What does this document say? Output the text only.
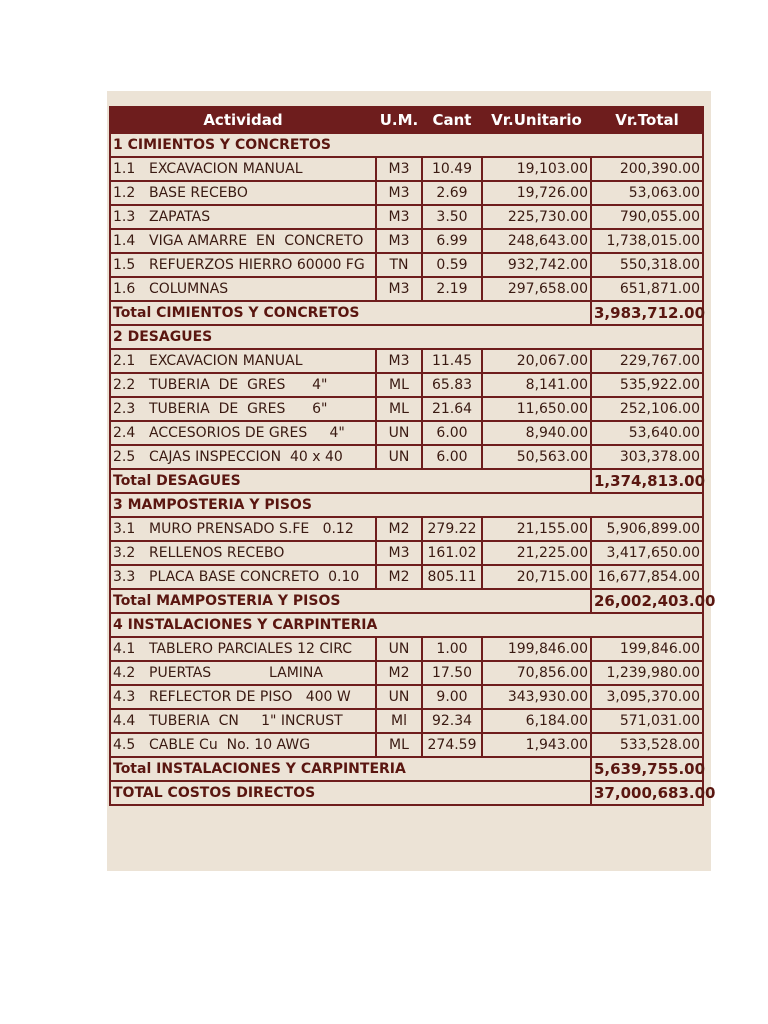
Actividad	U.M.	Cant	Vr.Unitario	Vr.Total
1 CIMIENTOS Y CONCRETOS				
1.1 EXCAVACION MANUAL	M3	10.49	19,103.00	200,390.00
1.2 BASE RECEBO	M3	2.69	19,726.00	53,063.00
1.3 ZAPATAS	M3	3.50	225,730.00	790,055.00
1.4 VIGA AMARRE  EN  CONCRETO	M3	6.99	248,643.00	1,738,015.00
1.5 REFUERZOS HIERRO 60000 FG	TN	0.59	932,742.00	550,318.00
1.6 COLUMNAS	M3	2.19	297,658.00	651,871.00
Total CIMIENTOS Y CONCRETOS				3,983,712.00
2 DESAGUES				
2.1 EXCAVACION MANUAL	M3	11.45	20,067.00	229,767.00
2.2 TUBERIA  DE  GRES      4"	ML	65.83	8,141.00	535,922.00
2.3 TUBERIA  DE  GRES      6"	ML	21.64	11,650.00	252,106.00
2.4 ACCESORIOS DE GRES     4"	UN	6.00	8,940.00	53,640.00
2.5 CAJAS INSPECCION  40 x 40	UN	6.00	50,563.00	303,378.00
Total DESAGUES				1,374,813.00
3 MAMPOSTERIA Y PISOS				
3.1 MURO PRENSADO S.FE   0.12	M2	279.22	21,155.00	5,906,899.00
3.2 RELLENOS RECEBO	M3	161.02	21,225.00	3,417,650.00
3.3 PLACA BASE CONCRETO  0.10	M2	805.11	20,715.00	16,677,854.00
Total MAMPOSTERIA Y PISOS				26,002,403.00
4 INSTALACIONES Y CARPINTERIA				
4.1 TABLERO PARCIALES 12 CIRC	UN	1.00	199,846.00	199,846.00
4.2 PUERTAS             LAMINA	M2	17.50	70,856.00	1,239,980.00
4.3 REFLECTOR DE PISO   400 W	UN	9.00	343,930.00	3,095,370.00
4.4 TUBERIA  CN     1" INCRUST	Ml	92.34	6,184.00	571,031.00
4.5 CABLE Cu  No. 10 AWG	ML	274.59	1,943.00	533,528.00
Total INSTALACIONES Y CARPINTERIA				5,639,755.00
TOTAL COSTOS DIRECTOS				37,000,683.00
